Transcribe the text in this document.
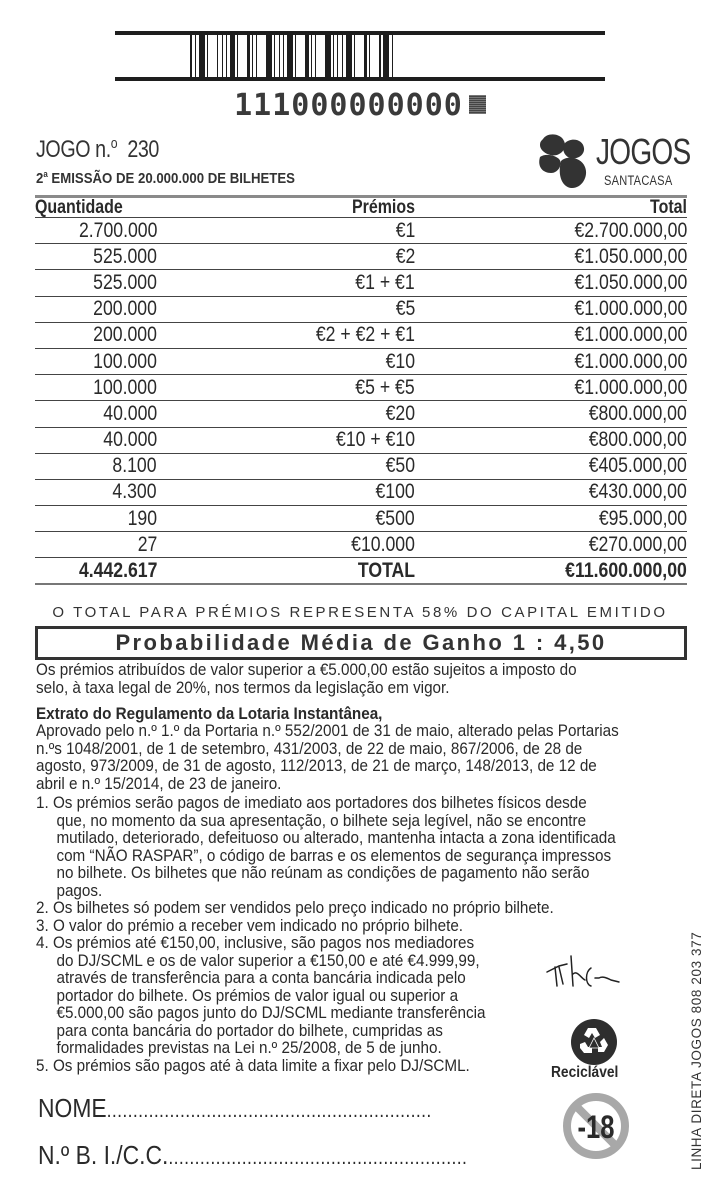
111000000000
JOGO n.$^o$ 230
2$^a$ EMISSÃO DE 20.000.000 DE BILHETES
JOGOS
SANTACASA
Quantidade	Prémios	Total
2.700.000	€1	€2.700.000,00
525.000	€2	€1.050.000,00
525.000	€1 + €1	€1.050.000,00
200.000	€5	€1.000.000,00
200.000	€2 + €2 + €1	€1.000.000,00
100.000	€10	€1.000.000,00
100.000	€5 + €5	€1.000.000,00
40.000	€20	€800.000,00
40.000	€10 + €10	€800.000,00
8.100	€50	€405.000,00
4.300	€100	€430.000,00
190	€500	€95.000,00
27	€10.000	€270.000,00
4.442.617	TOTAL	€11.600.000,00
O TOTAL PARA PRÉMIOS REPRESENTA 58% DO CAPITAL EMITIDO
Probabilidade Média de Ganho 1 : 4,50
Os prémios atribuídos de valor superior a €5.000,00 estão sujeitos a imposto do
selo, à taxa legal de 20%, nos termos da legislação em vigor.
Extrato do Regulamento da Lotaria Instantânea,
Aprovado pelo n.º 1.º da Portaria n.º 552/2001 de 31 de maio, alterado pelas Portarias
n.ºs 1048/2001, de 1 de setembro, 431/2003, de 22 de maio, 867/2006, de 28 de
agosto, 973/2009, de 31 de agosto, 112/2013, de 21 de março, 148/2013, de 12 de
abril e n.º 15/2014, de 23 de janeiro.
1. Os prémios serão pagos de imediato aos portadores dos bilhetes físicos desde
que, no momento da sua apresentação, o bilhete seja legível, não se encontre
mutilado, deteriorado, defeituoso ou alterado, mantenha intacta a zona identificada
com “NÃO RASPAR”, o código de barras e os elementos de segurança impressos
no bilhete. Os bilhetes que não reúnam as condições de pagamento não serão
pagos.
2. Os bilhetes só podem ser vendidos pelo preço indicado no próprio bilhete.
3. O valor do prémio a receber vem indicado no próprio bilhete.
4. Os prémios até €150,00, inclusive, são pagos nos mediadores
do DJ/SCML e os de valor superior a €150,00 e até €4.999,99,
através de transferência para a conta bancária indicada pelo
portador do bilhete. Os prémios de valor igual ou superior a
€5.000,00 são pagos junto do DJ/SCML mediante transferência
para conta bancária do portador do bilhete, cumpridas as
formalidades previstas na Lei n.º 25/2008, de 5 de junho.
5. Os prémios são pagos até à data limite a fixar pelo DJ/SCML.	Reciclável
-18	LINHA DIRETA JOGOS 808 203 377
NOME..............................................................
N.º B. I./C.C..........................................................
